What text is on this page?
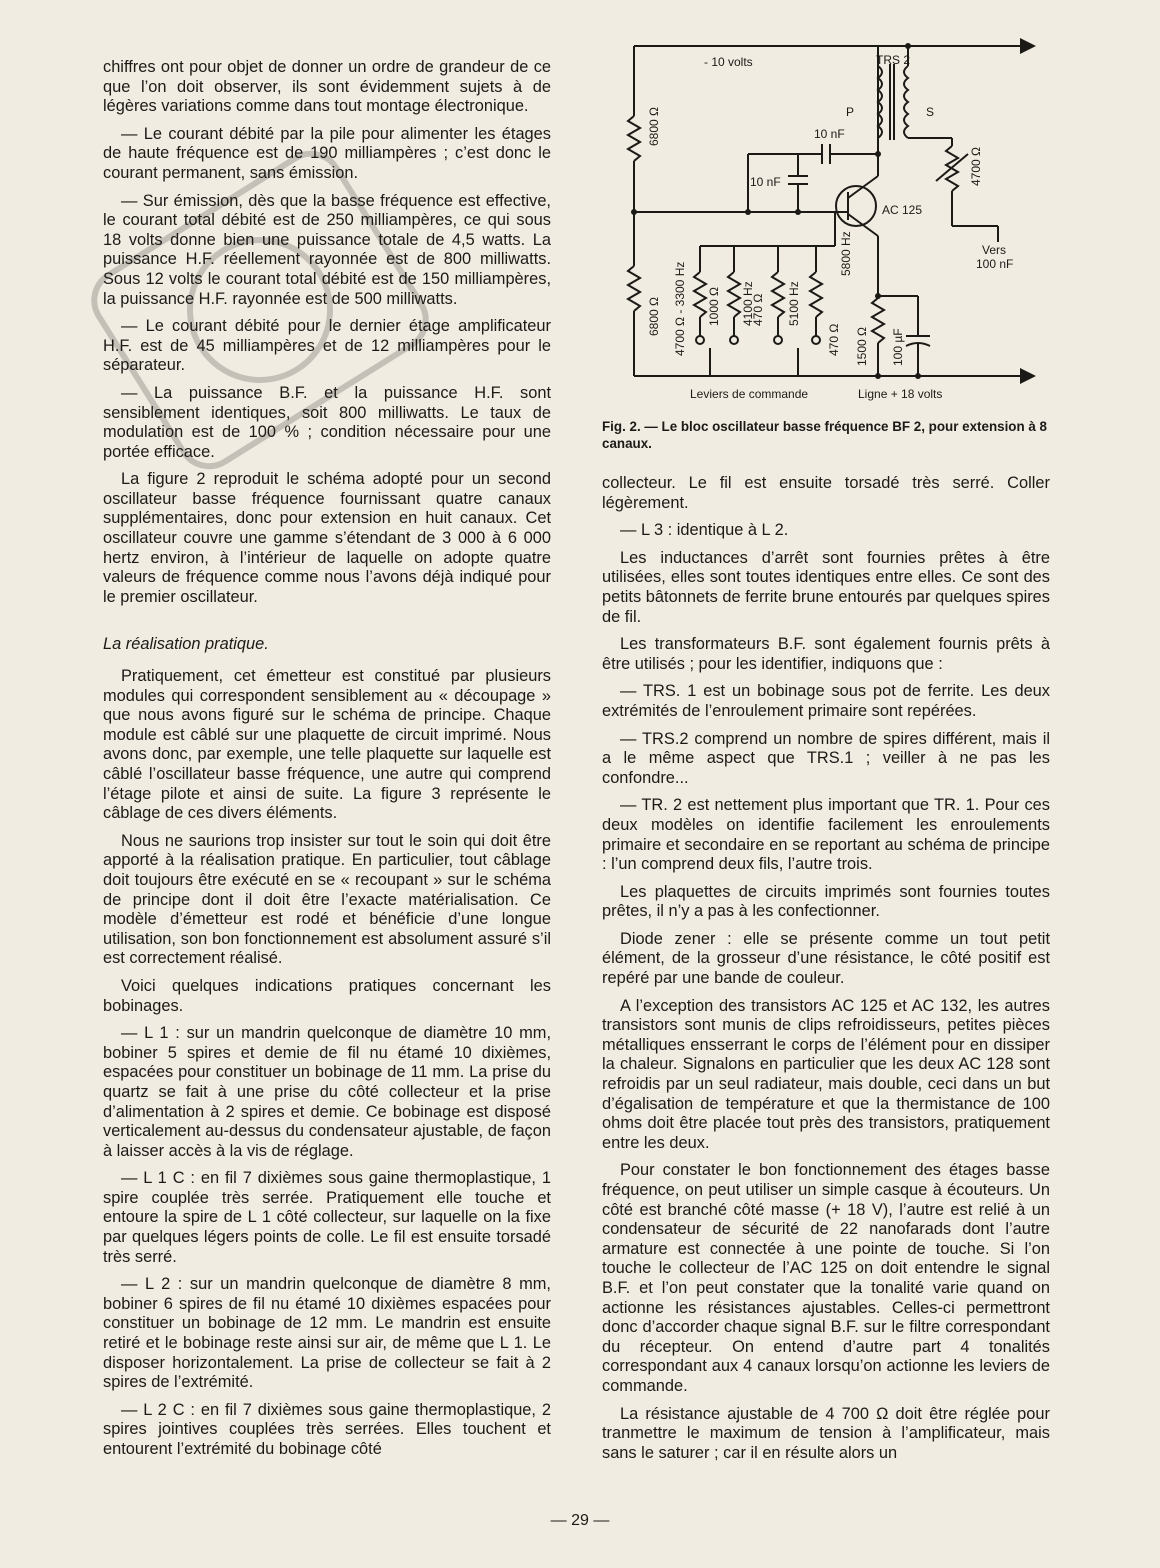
chiffres ont pour objet de donner un ordre de grandeur de ce que l’on doit observer, ils sont évidemment sujets à de légères variations comme dans tout montage électronique.

— Le courant débité par la pile pour alimenter les étages de haute fréquence est de 190 milliampères ; c’est donc le courant permanent, sans émission.

— Sur émission, dès que la basse fréquence est effective, le courant total débité est de 250 milliampères, ce qui sous 18 volts donne bien une puissance totale de 4,5 watts. La puissance H.F. réellement rayonnée est de 800 milliwatts. Sous 12 volts le courant total débité est de 150 milliampères, la puissance H.F. rayonnée est de 500 milliwatts.

— Le courant débité pour le dernier étage amplificateur H.F. est de 45 milliampères et de 12 milliampères pour le séparateur.

— La puissance B.F. et la puissance H.F. sont sensiblement identiques, soit 800 milliwatts. Le taux de modulation est de 100 % ; condition nécessaire pour une portée efficace.

La figure 2 reproduit le schéma adopté pour un second oscillateur basse fréquence fournissant quatre canaux supplémentaires, donc pour extension en huit canaux. Cet oscillateur couvre une gamme s’étendant de 3 000 à 6 000 hertz environ, à l’intérieur de laquelle on adopte quatre valeurs de fréquence comme nous l’avons déjà indiqué pour le premier oscillateur.

La réalisation pratique.

Pratiquement, cet émetteur est constitué par plusieurs modules qui correspondent sensiblement au « découpage » que nous avons figuré sur le schéma de principe. Chaque module est câblé sur une plaquette de circuit imprimé. Nous avons donc, par exemple, une telle plaquette sur laquelle est câblé l’oscillateur basse fréquence, une autre qui comprend l’étage pilote et ainsi de suite. La figure 3 représente le câblage de ces divers éléments.

Nous ne saurions trop insister sur tout le soin qui doit être apporté à la réalisation pratique. En particulier, tout câblage doit toujours être exécuté en se « recoupant » sur le schéma de principe dont il doit être l’exacte matérialisation. Ce modèle d’émetteur est rodé et bénéficie d’une longue utilisation, son bon fonctionnement est absolument assuré s’il est correctement réalisé.

Voici quelques indications pratiques concernant les bobinages.

— L 1 : sur un mandrin quelconque de diamètre 10 mm, bobiner 5 spires et demie de fil nu étamé 10 dixièmes, espacées pour constituer un bobinage de 11 mm. La prise du quartz se fait à une prise du côté collecteur et la prise d’alimentation à 2 spires et demie. Ce bobinage est disposé verticalement au-dessus du condensateur ajustable, de façon à laisser accès à la vis de réglage.

— L 1 C : en fil 7 dixièmes sous gaine thermoplastique, 1 spire couplée très serrée. Pratiquement elle touche et entoure la spire de L 1 côté collecteur, sur laquelle on la fixe par quelques légers points de colle. Le fil est ensuite torsadé très serré.

— L 2 : sur un mandrin quelconque de diamètre 8 mm, bobiner 6 spires de fil nu étamé 10 dixièmes espacées pour constituer un bobinage de 12 mm. Le mandrin est ensuite retiré et le bobinage reste ainsi sur air, de même que L 1. Le disposer horizontalement. La prise de collecteur se fait à 2 spires de l’extrémité.

— L 2 C : en fil 7 dixièmes sous gaine thermoplastique, 2 spires jointives couplées très serrées. Elles touchent et entourent l’extrémité du bobinage côté

- 10 volts	TRS 2
P	S
10 nF
10 nF
AC 125
Vers
100 nF
6800 Ω
6800 Ω
4700 Ω
4700 Ω - 3300 Hz 1000 Ω 4100 Hz
470 Ω 5100 Hz
470 Ω
5800 Hz
1500 Ω 100 µF
Leviers de commande	Ligne + 18 volts
Fig. 2. — Le bloc oscillateur basse fréquence BF 2, pour extension à 8 canaux.

collecteur. Le fil est ensuite torsadé très serré. Coller légèrement.

— L 3 : identique à L 2.

Les inductances d’arrêt sont fournies prêtes à être utilisées, elles sont toutes identiques entre elles. Ce sont des petits bâtonnets de ferrite brune entourés par quelques spires de fil.

Les transformateurs B.F. sont également fournis prêts à être utilisés ; pour les identifier, indiquons que :

— TRS. 1 est un bobinage sous pot de ferrite. Les deux extrémités de l’enroulement primaire sont repérées.

— TRS.2 comprend un nombre de spires différent, mais il a le même aspect que TRS.1 ; veiller à ne pas les confondre...

— TR. 2 est nettement plus important que TR. 1. Pour ces deux modèles on identifie facilement les enroulements primaire et secondaire en se reportant au schéma de principe : l’un comprend deux fils, l’autre trois.

Les plaquettes de circuits imprimés sont fournies toutes prêtes, il n’y a pas à les confectionner.

Diode zener : elle se présente comme un tout petit élément, de la grosseur d’une résistance, le côté positif est repéré par une bande de couleur.

A l’exception des transistors AC 125 et AC 132, les autres transistors sont munis de clips refroidisseurs, petites pièces métalliques ensserrant le corps de l’élément pour en dissiper la chaleur. Signalons en particulier que les deux AC 128 sont refroidis par un seul radiateur, mais double, ceci dans un but d’égalisation de température et que la thermistance de 100 ohms doit être placée tout près des transistors, pratiquement entre les deux.

Pour constater le bon fonctionnement des étages basse fréquence, on peut utiliser un simple casque à écouteurs. Un côté est branché côté masse (+ 18 V), l’autre est relié à un condensateur de sécurité de 22 nanofarads dont l’autre armature est connectée à une pointe de touche. Si l’on touche le collecteur de l’AC 125 on doit entendre le signal B.F. et l’on peut constater que la tonalité varie quand on actionne les résistances ajustables. Celles-ci permettront donc d’accorder chaque signal B.F. sur le filtre correspondant du récepteur. On entend d’autre part 4 tonalités correspondant aux 4 canaux lorsqu’on actionne les leviers de commande.

La résistance ajustable de 4 700 Ω doit être réglée pour tranmettre le maximum de tension à l’amplificateur, mais sans le saturer ; car il en résulte alors un

— 29 —
